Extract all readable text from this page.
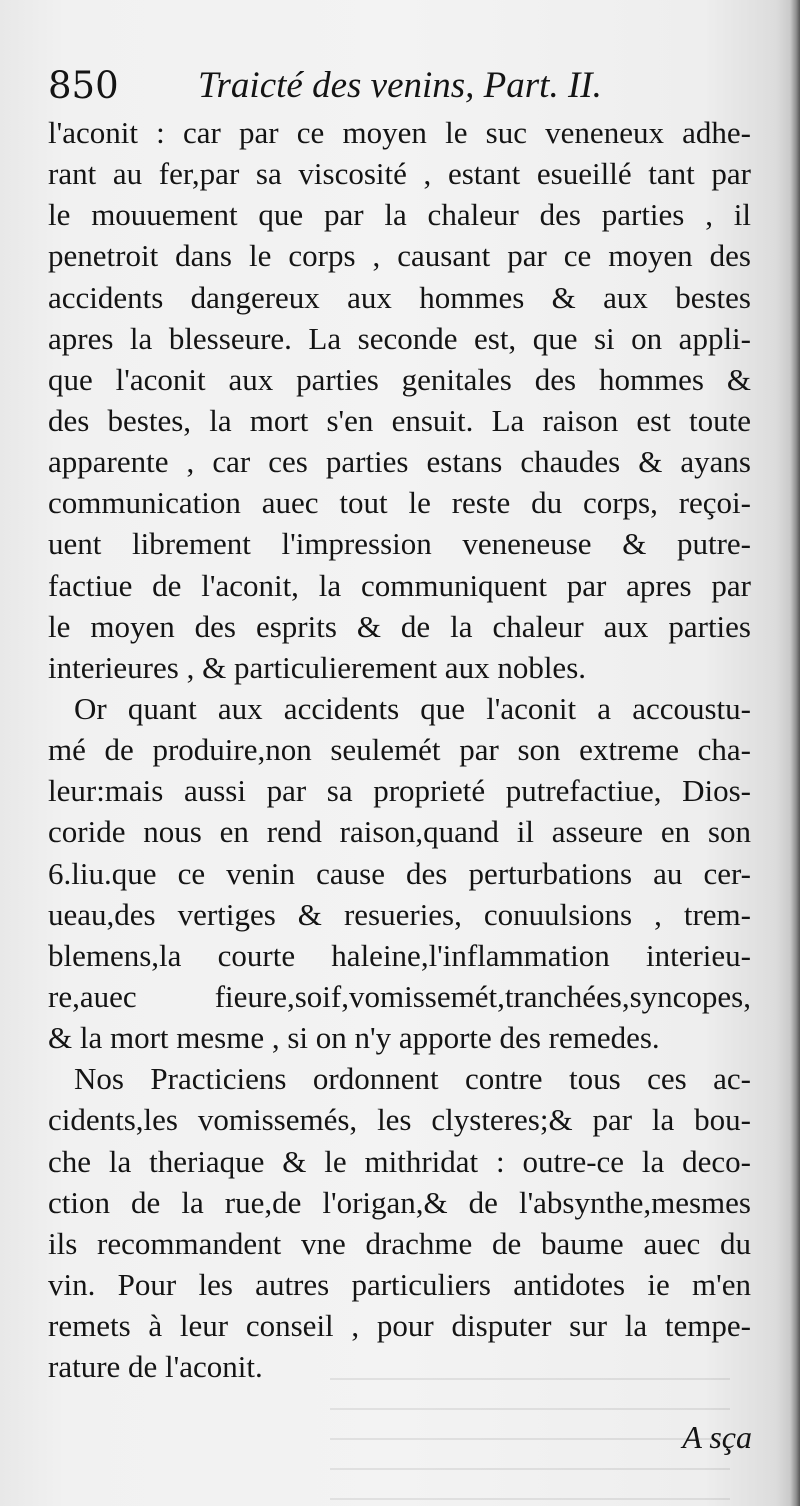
850 Traicté des venins, Part. II.
l'aconit : car par ce moyen le suc veneneux adhe-
rant au fer,par sa viscosité , estant esueillé tant par
le mouuement que par la chaleur des parties , il
penetroit dans le corps , causant par ce moyen des
accidents dangereux aux hommes & aux bestes
apres la blesseure. La seconde est, que si on appli-
que l'aconit aux parties genitales des hommes &
des bestes, la mort s'en ensuit. La raison est toute
apparente , car ces parties estans chaudes & ayans
communication auec tout le reste du corps, reçoi-
uent librement l'impression veneneuse & putre-
factiue de l'aconit, la communiquent par apres par
le moyen des esprits & de la chaleur aux parties
interieures , & particulierement aux nobles.
Or quant aux accidents que l'aconit a accoustu-
mé de produire,non seulemét par son extreme cha-
leur:mais aussi par sa proprieté putrefactiue, Dios-
coride nous en rend raison,quand il asseure en son
6.liu.que ce venin cause des perturbations au cer-
ueau,des vertiges & resueries, conuulsions , trem-
blemens,la courte haleine,l'inflammation interieu-
re,auec fieure,soif,vomissemét,tranchées,syncopes,
& la mort mesme , si on n'y apporte des remedes.
Nos Practiciens ordonnent contre tous ces ac-
cidents,les vomissemés, les clysteres;& par la bou-
che la theriaque & le mithridat : outre-ce la deco-
ction de la rue,de l'origan,& de l'absynthe,mesmes
ils recommandent vne drachme de baume auec du
vin. Pour les autres particuliers antidotes ie m'en
remets à leur conseil , pour disputer sur la tempe-
rature de l'aconit.
A sça
